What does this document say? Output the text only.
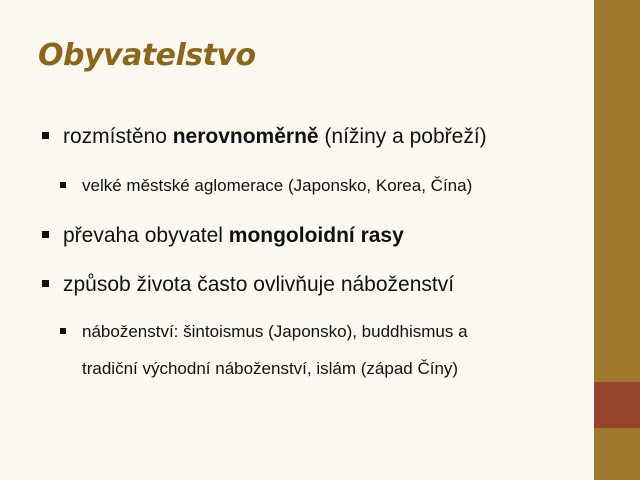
Obyvatelstvo
rozmístěno nerovnoměrně (nížiny a pobřeží)
velké městské aglomerace (Japonsko, Korea, Čína)
převaha obyvatel mongoloidní rasy
způsob života často ovlivňuje náboženství
náboženství: šintoismus (Japonsko), buddhismus a
tradiční východní náboženství, islám (západ Číny)
